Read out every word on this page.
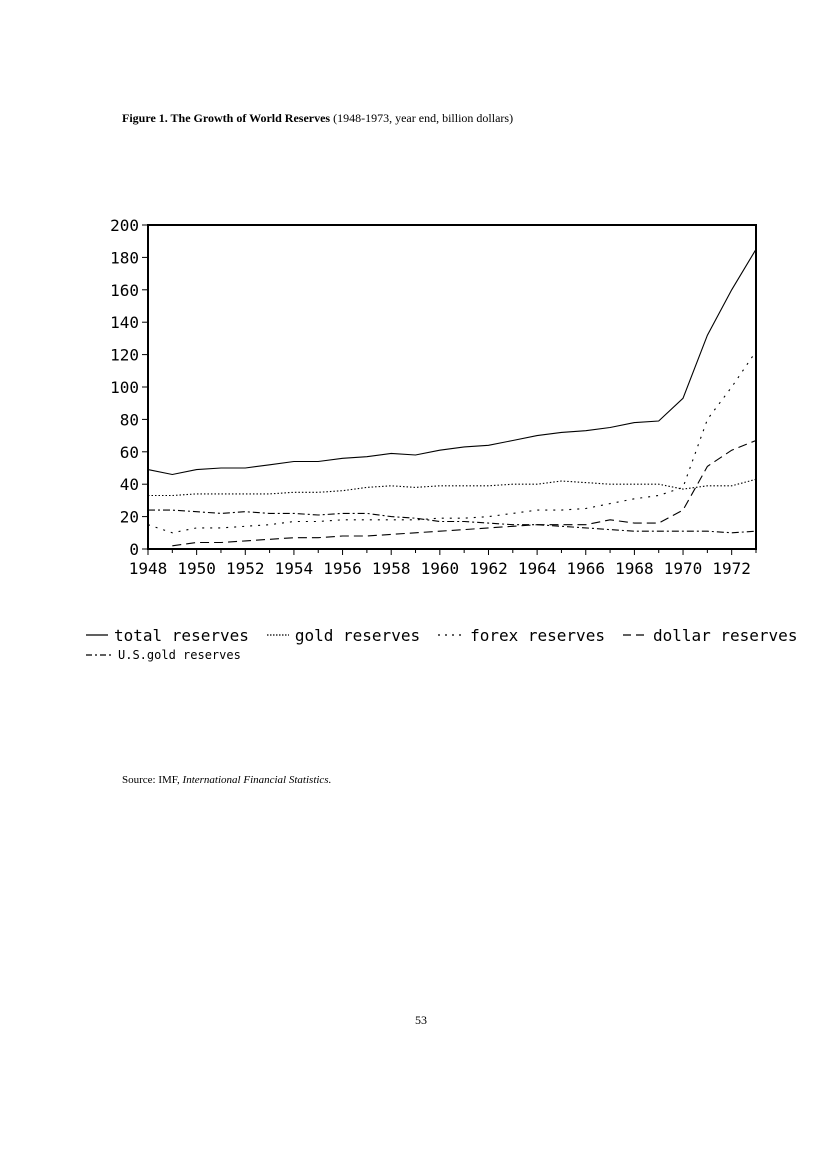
Figure 1. The Growth of World Reserves (1948-1973, year end, billion dollars)
0
20
40
60
80
100
120
140
160
180
200
1948 1950 1952 1954 1956 1958 1960 1962 1964 1966 1968 1970 1972
total reserves	gold reserves	forex reserves	dollar reserves
U.S.gold reserves
Source: IMF, International Financial Statistics.
53
